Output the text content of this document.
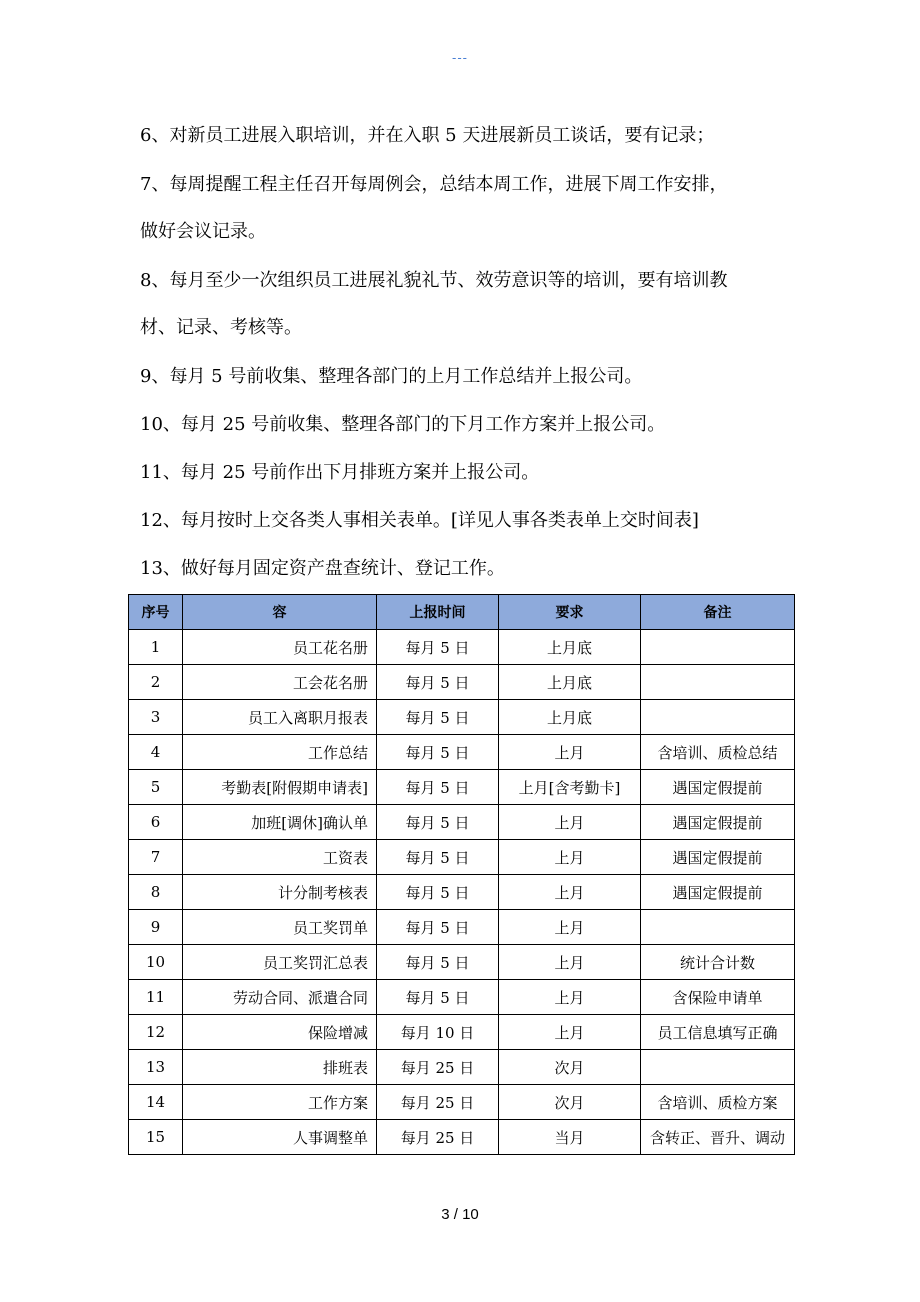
---
6、对新员工进展入职培训，并在入职 5 天进展新员工谈话，要有记录；
7、每周提醒工程主任召开每周例会，总结本周工作，进展下周工作安排，
做好会议记录。
8、每月至少一次组织员工进展礼貌礼节、效劳意识等的培训，要有培训教
材、记录、考核等。
9、每月 5 号前收集、整理各部门的上月工作总结并上报公司。
10、每月 25 号前收集、整理各部门的下月工作方案并上报公司。
11、每月 25 号前作出下月排班方案并上报公司。
12、每月按时上交各类人事相关表单。[详见人事各类表单上交时间表]
13、做好每月固定资产盘查统计、登记工作。
序号	容	上报时间	要求	备注
1	员工花名册	每月 5 日	上月底	
2	工会花名册	每月 5 日	上月底	
3	员工入离职月报表	每月 5 日	上月底	
4	工作总结	每月 5 日	上月	含培训、质检总结
5	考勤表[附假期申请表]	每月 5 日	上月[含考勤卡]	遇国定假提前
6	加班[调休]确认单	每月 5 日	上月	遇国定假提前
7	工资表	每月 5 日	上月	遇国定假提前
8	计分制考核表	每月 5 日	上月	遇国定假提前
9	员工奖罚单	每月 5 日	上月	
10	员工奖罚汇总表	每月 5 日	上月	统计合计数
11	劳动合同、派遣合同	每月 5 日	上月	含保险申请单
12	保险增减	每月 10 日	上月	员工信息填写正确
13	排班表	每月 25 日	次月	
14	工作方案	每月 25 日	次月	含培训、质检方案
15	人事调整单	每月 25 日	当月	含转正、晋升、调动
3 / 10
